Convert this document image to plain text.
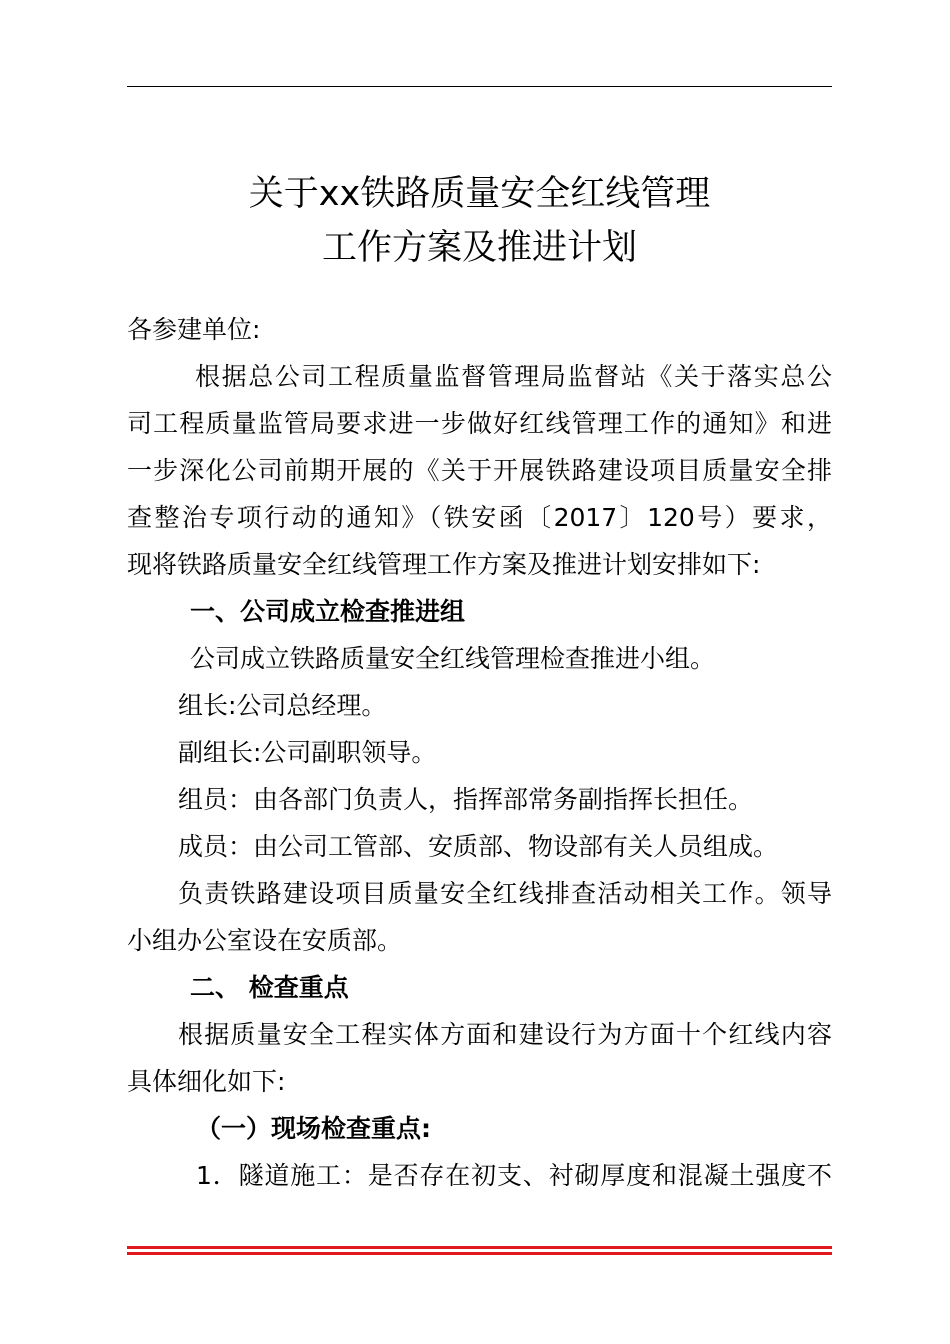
关于xx铁路质量安全红线管理
工作方案及推进计划
各参建单位:
根据总公司工程质量监督管理局监督站《关于落实总公
司工程质量监管局要求进一步做好红线管理工作的通知》和进
一步深化公司前期开展的《关于开展铁路建设项目质量安全排
查整治专项行动的通知》（铁安函〔2017〕120号）要求，
现将铁路质量安全红线管理工作方案及推进计划安排如下:
一、公司成立检查推进组
公司成立铁路质量安全红线管理检查推进小组。
组长:公司总经理。
副组长:公司副职领导。
组员：由各部门负责人，指挥部常务副指挥长担任。
成员：由公司工管部、安质部、物设部有关人员组成。
负责铁路建设项目质量安全红线排查活动相关工作。领导
小组办公室设在安质部。
二、 检查重点
根据质量安全工程实体方面和建设行为方面十个红线内容
具体细化如下:
（一）现场检查重点:
1．隧道施工：是否存在初支、衬砌厚度和混凝土强度不
